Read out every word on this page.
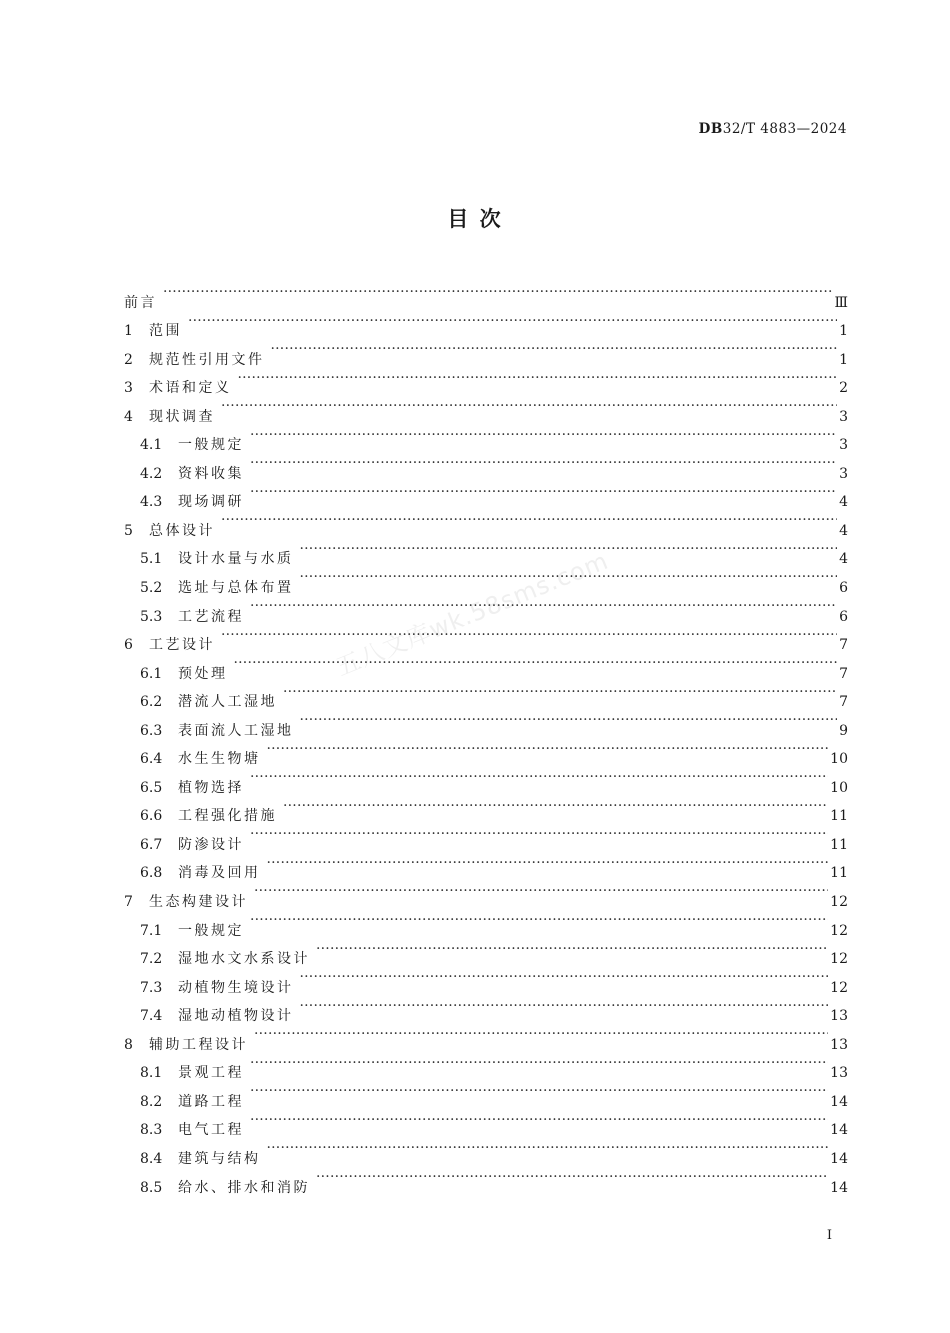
DB32/T 4883—2024
目 次
前言 ·····	Ⅲ
1	范围 ·····	1
2	规范性引用文件 ·····	1
3	术语和定义 ·····	2
4	现状调查 ·····	3
4.1	一般规定 ·····	3
4.2	资料收集 ·····	3
4.3	现场调研 ·····	4
5	总体设计 ·····	4
5.1	设计水量与水质 ·····	4
5.2	选址与总体布置 ·····	6
5.3	工艺流程 ·····	6
6	工艺设计 ·····	7
6.1	预处理 ·····	7
6.2	潜流人工湿地 ·····	7
6.3	表面流人工湿地 ·····	9
6.4	水生生物塘 ·····	10
6.5	植物选择 ·····	10
6.6	工程强化措施 ·····	11
6.7	防渗设计 ·····	11
6.8	消毒及回用 ·····	11
7	生态构建设计 ·····	12
7.1	一般规定 ·····	12
7.2	湿地水文水系设计 ·····	12
7.3	动植物生境设计 ·····	12
7.4	湿地动植物设计 ·····	13
8	辅助工程设计 ·····	13
8.1	景观工程 ·····	13
8.2	道路工程 ·····	14
8.3	电气工程 ·····	14
8.4	建筑与结构 ·····	14
8.5	给水、排水和消防 ·····	14
五八文库wk.58sms.com
I
